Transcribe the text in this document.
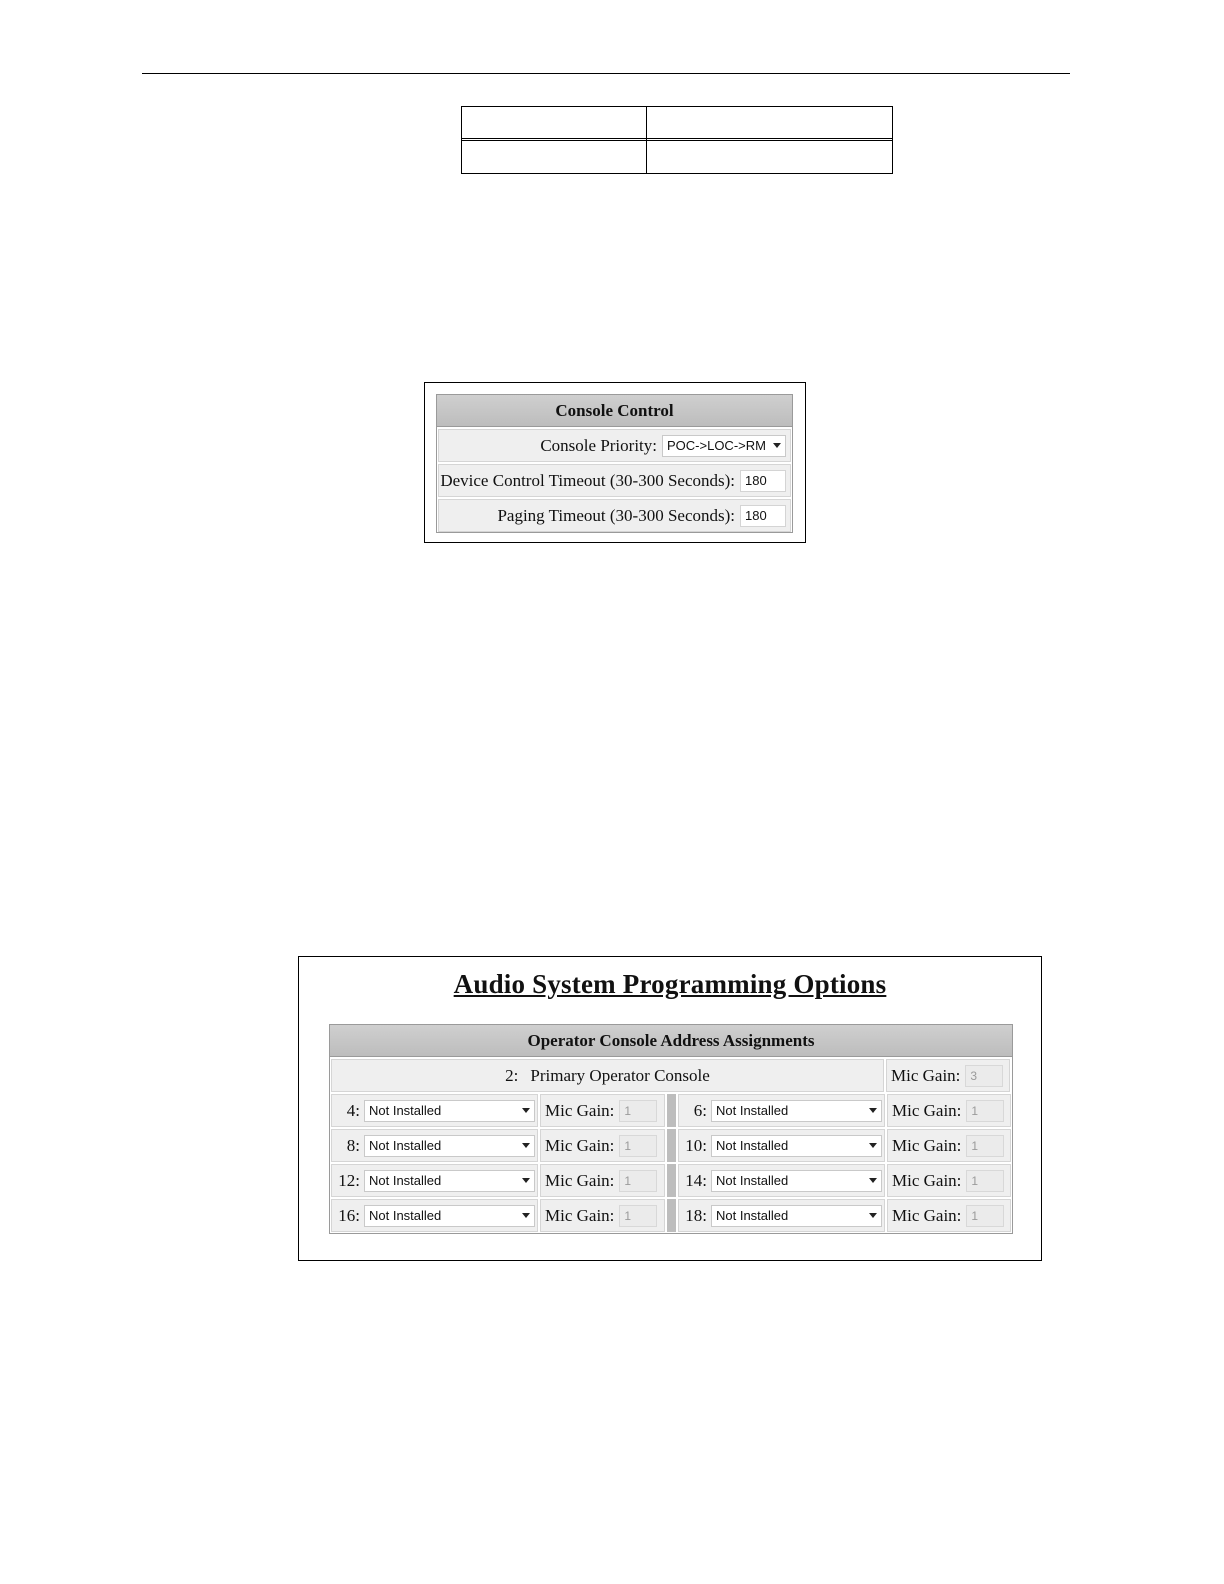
Console Control
Console Priority: POC->LOC->RM
Device Control Timeout (30-300 Seconds): 180
Paging Timeout (30-300 Seconds): 180
Audio System Programming Options
Operator Console Address Assignments
2: Primary Operator Console	Mic Gain: 3
4: Not Installed	Mic Gain: 1	6: Not Installed	Mic Gain: 1
8: Not Installed	Mic Gain: 1	10: Not Installed	Mic Gain: 1
12: Not Installed	Mic Gain: 1	14: Not Installed	Mic Gain: 1
16: Not Installed	Mic Gain: 1	18: Not Installed	Mic Gain: 1
